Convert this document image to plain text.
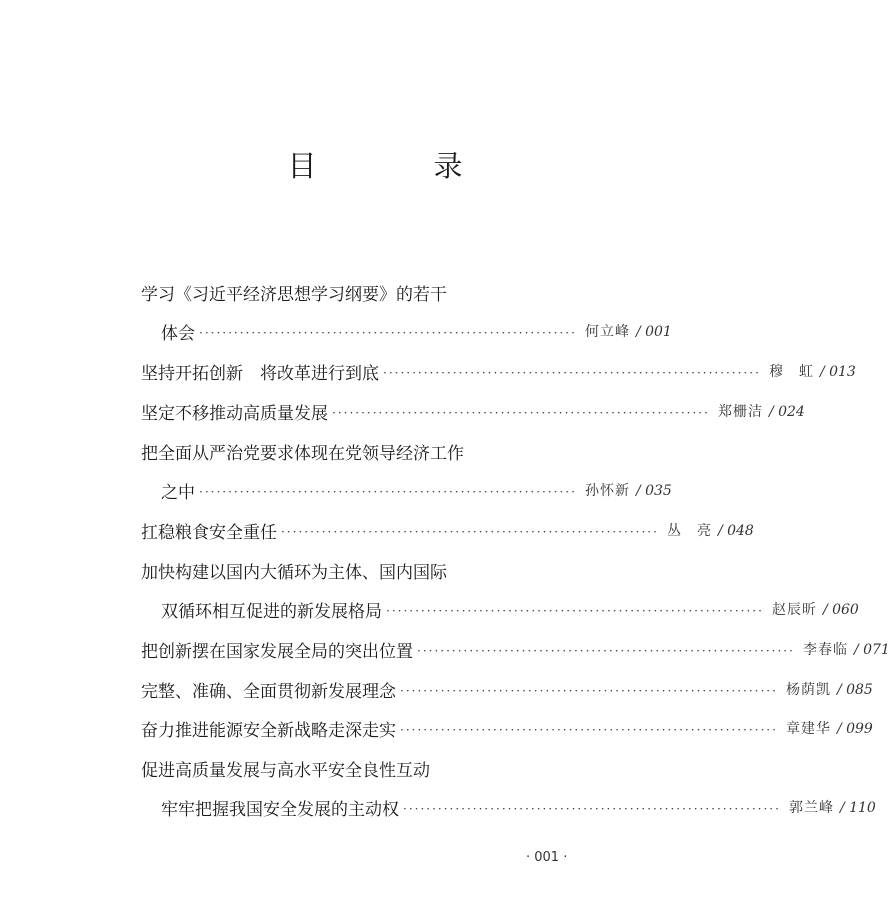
目　录
学习《习近平经济思想学习纲要》的若干
体会 ································································· 何立峰 / 001
坚持开拓创新　将改革进行到底 ································································· 穆　虹 / 013
坚定不移推动高质量发展 ································································· 郑栅洁 / 024
把全面从严治党要求体现在党领导经济工作
之中 ································································· 孙怀新 / 035
扛稳粮食安全重任 ································································· 丛　亮 / 048
加快构建以国内大循环为主体、国内国际
双循环相互促进的新发展格局 ································································· 赵辰昕 / 060
把创新摆在国家发展全局的突出位置 ································································· 李春临 / 071
完整、准确、全面贯彻新发展理念 ································································· 杨荫凯 / 085
奋力推进能源安全新战略走深走实 ································································· 章建华 / 099
促进高质量发展与高水平安全良性互动
牢牢把握我国安全发展的主动权 ································································· 郭兰峰 / 110
· 001 ·
